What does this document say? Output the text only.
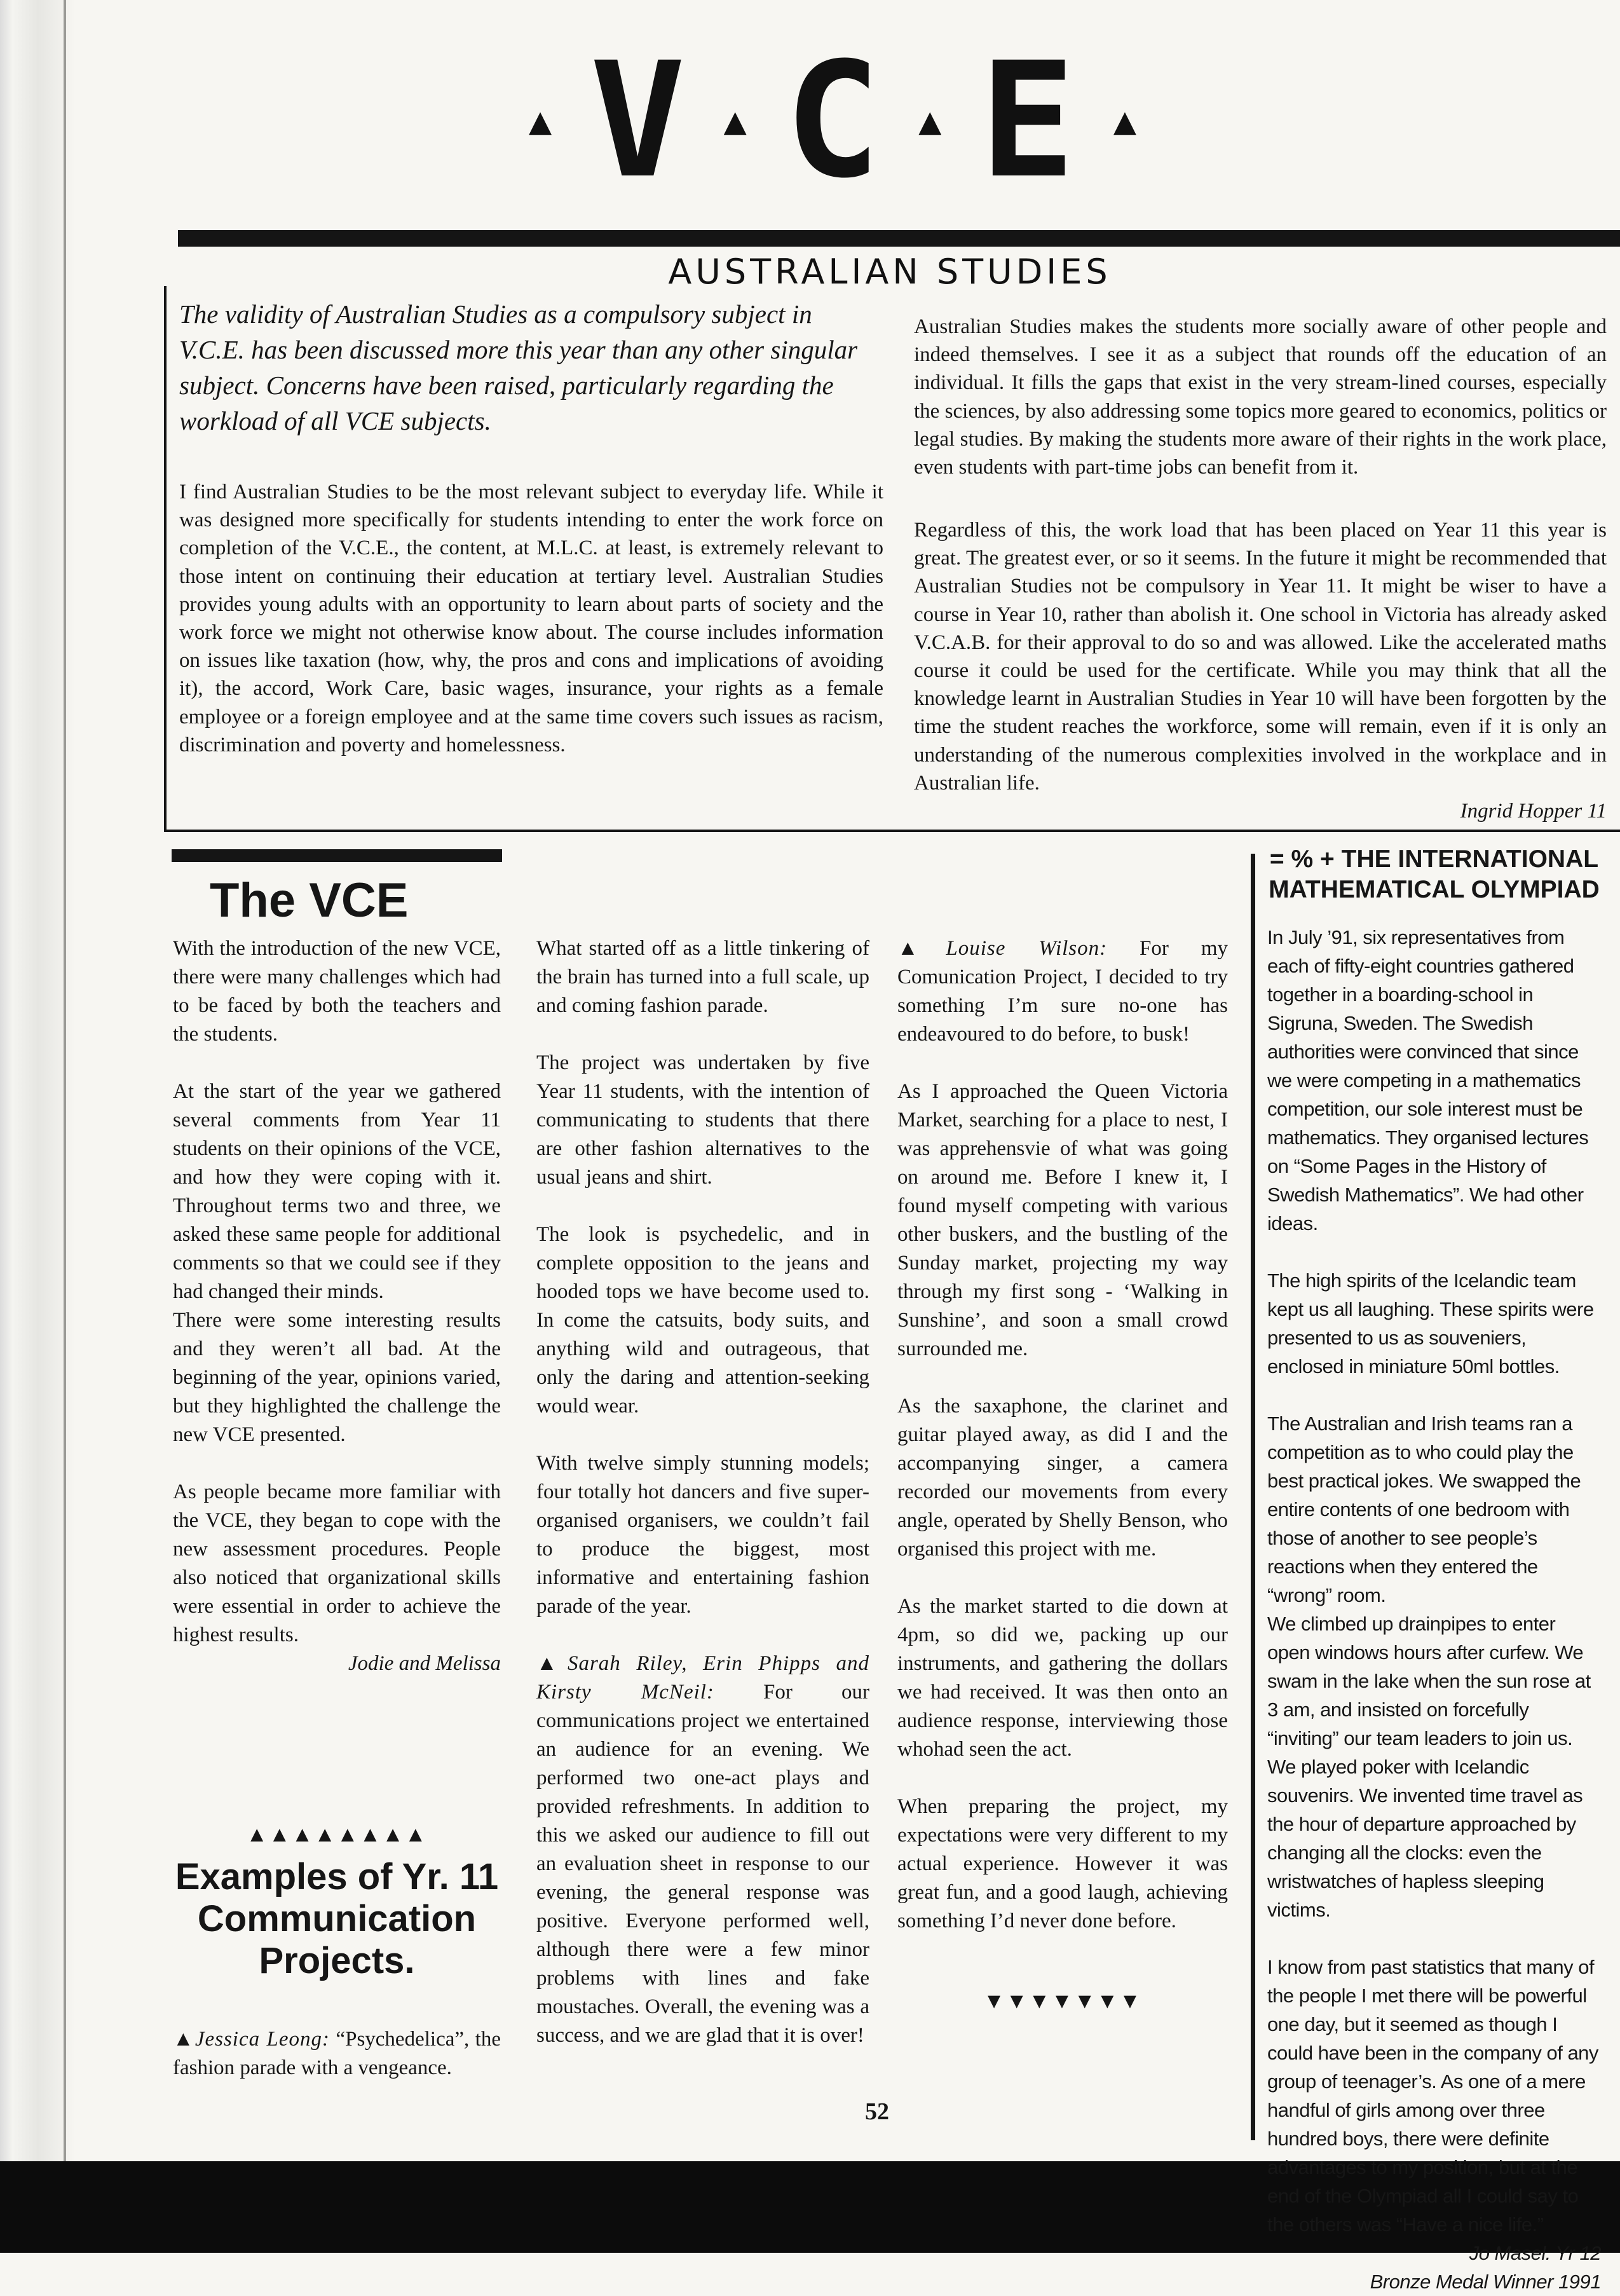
▲ V ▲ C ▲ E ▲
AUSTRALIAN STUDIES
The validity of Australian Studies as a compulsory subject in V.C.E. has been discussed more this year than any other singular subject. Concerns have been raised, particularly regarding the workload of all VCE subjects.
I find Australian Studies to be the most relevant subject to everyday life. While it was designed more specifically for students intending to enter the work force on completion of the V.C.E., the content, at M.L.C. at least, is extremely relevant to those intent on continuing their education at tertiary level. Australian Studies provides young adults with an opportunity to learn about parts of society and the work force we might not otherwise know about. The course includes information on issues like taxation (how, why, the pros and cons and implications of avoiding it), the accord, Work Care, basic wages, insurance, your rights as a female employee or a foreign employee and at the same time covers such issues as racism, discrimination and poverty and homelessness.
Australian Studies makes the students more socially aware of other people and indeed themselves. I see it as a subject that rounds off the education of an individual. It fills the gaps that exist in the very stream-lined courses, especially the sciences, by also addressing some topics more geared to economics, politics or legal studies. By making the students more aware of their rights in the work place, even students with part-time jobs can benefit from it.
Regardless of this, the work load that has been placed on Year 11 this year is great. The greatest ever, or so it seems. In the future it might be recommended that Australian Studies not be compulsory in Year 11. It might be wiser to have a course in Year 10, rather than abolish it. One school in Victoria has already asked V.C.A.B. for their approval to do so and was allowed. Like the accelerated maths course it could be used for the certificate. While you may think that all the knowledge learnt in Australian Studies in Year 10 will have been forgotten by the time the student reaches the workforce, some will remain, even if it is only an understanding of the numerous complexities involved in the workplace and in Australian life.
Ingrid Hopper 11
The VCE

With the introduction of the new VCE, there were many challenges which had to be faced by both the teachers and the students.

At the start of the year we gathered several comments from Year 11 students on their opinions of the VCE, and how they were coping with it. Throughout terms two and three, we asked these same people for additional comments so that we could see if they had changed their minds.

There were some interesting results and they weren’t all bad. At the beginning of the year, opinions varied, but they highlighted the challenge the new VCE presented.

As people became more familiar with the VCE, they began to cope with the new assessment procedures. People also noticed that organizational skills were essential in order to achieve the highest results.

Jodie and Melissa
▲▲▲▲▲▲▲▲
Examples of Yr. 11 Communication Projects.
▲Jessica Leong: “Psychedelica”, the fashion parade with a vengeance.

What started off as a little tinkering of the brain has turned into a full scale, up and coming fashion parade.

The project was undertaken by five Year 11 students, with the intention of communicating to students that there are other fashion alternatives to the usual jeans and shirt.

The look is psychedelic, and in complete opposition to the jeans and hooded tops we have become used to. In come the catsuits, body suits, and anything wild and outrageous, that only the daring and attention-seeking would wear.

With twelve simply stunning models; four totally hot dancers and five super-organised organisers, we couldn’t fail to produce the biggest, most informative and entertaining fashion parade of the year.

▲Sarah Riley, Erin Phipps and Kirsty McNeil: For our communications project we entertained an audience for an evening. We performed two one-act plays and provided refreshments. In addition to this we asked our audience to fill out an evaluation sheet in response to our evening, the general response was positive. Everyone performed well, although there were a few minor problems with lines and fake moustaches. Overall, the evening was a success, and we are glad that it is over!

▲Louise Wilson: For my Comunication Project, I decided to try something I’m sure no-one has endeavoured to do before, to busk!

As I approached the Queen Victoria Market, searching for a place to nest, I was apprehensvie of what was going on around me. Before I knew it, I found myself competing with various other buskers, and the bustling of the Sunday market, projecting my way through my first song - ‘Walking in Sunshine’, and soon a small crowd surrounded me.

As the saxaphone, the clarinet and guitar played away, as did I and the accompanying singer, a camera recorded our movements from every angle, operated by Shelly Benson, who organised this project with me.

As the market started to die down at 4pm, so did we, packing up our instruments, and gathering the dollars we had received. It was then onto an audience response, interviewing those whohad seen the act.

When preparing the project, my expectations were very different to my actual experience. However it was great fun, and a good laugh, achieving something I’d never done before.

▼▼▼▼▼▼▼
= % + THE INTERNATIONAL MATHEMATICAL OLYMPIAD

In July ’91, six representatives from each of fifty-eight countries gathered together in a boarding-school in Sigruna, Sweden. The Swedish authorities were convinced that since we were competing in a mathematics competition, our sole interest must be mathematics. They organised lectures on “Some Pages in the History of Swedish Mathematics”. We had other ideas.

The high spirits of the Icelandic team kept us all laughing. These spirits were presented to us as souveniers, enclosed in miniature 50ml bottles.

The Australian and Irish teams ran a competition as to who could play the best practical jokes. We swapped the entire contents of one bedroom with those of another to see people’s reactions when they entered the “wrong” room.

We climbed up drainpipes to enter open windows hours after curfew. We swam in the lake when the sun rose at 3 am, and insisted on forcefully “inviting” our team leaders to join us. We played poker with Icelandic souvenirs. We invented time travel as the hour of departure approached by changing all the clocks: even the wristwatches of hapless sleeping victims.

I know from past statistics that many of the people I met there will be powerful one day, but it seemed as though I could have been in the company of any group of teenager’s. As one of a mere handful of girls among over three hundred boys, there were definite advantages to my position, but at the end of the Olympiad all I could say to the others was “Have a nice life.”

Jo Masel. Yr 12
Bronze Medal Winner 1991
52
